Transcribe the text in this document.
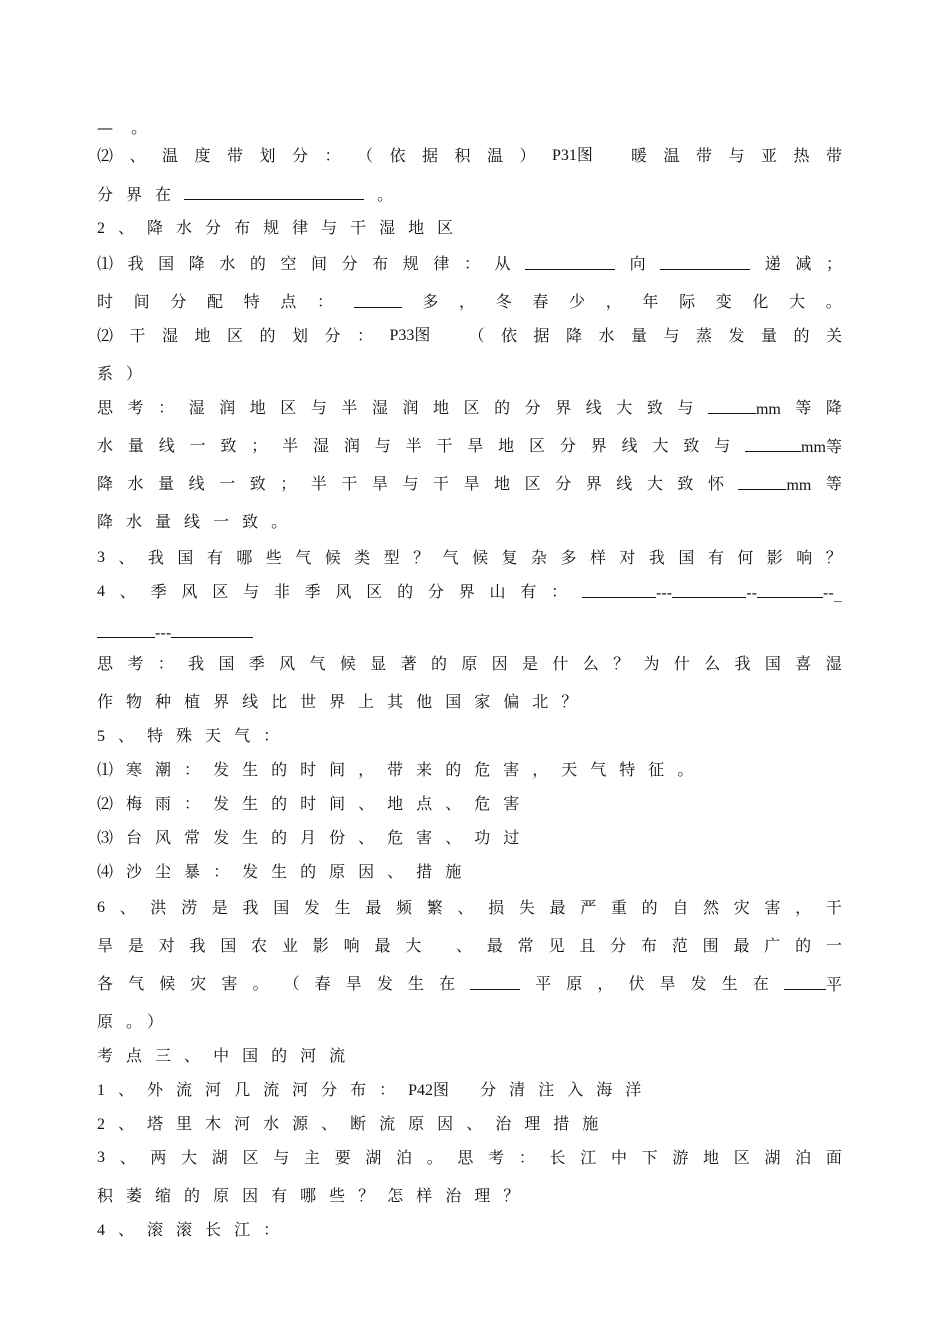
— 。
⑵ 、 温 度 带 划 分 ： （ 依 据 积 温 ） P31图
暖 温 带 与 亚 热 带
分 界 在	。
2 、 降 水 分 布 规 律 与 干 湿 地 区
⑴ 我 国 降 水 的 空 间 分 布 规 律 ： 从	向	递 减 ；
时 间 分 配 特 点 ：	多 ， 冬 春 少 ， 年 际 变 化 大 。
⑵ 干 湿 地 区 的 划 分 ： P33图
（ 依 据 降 水 量 与 蒸 发 量 的 关
系 ）
思 考 ： 湿 润 地 区 与 半 湿 润 地 区 的 分 界 线 大 致 与	mm 等 降
水 量 线 一 致 ； 半 湿 润 与 半 干 旱 地 区 分 界 线 大 致 与	mm等
降 水 量 线 一 致 ； 半 干 旱 与 干 旱 地 区 分 界 线 大 致 怀	mm 等
降 水 量 线 一 致 。
3 、 我 国 有 哪 些 气 候 类 型 ？ 气 候 复 杂 多 样 对 我 国 有 何 影 响 ？
4 、 季 风 区 与 非 季 风 区 的 分 界 山 有 ：	---	--	--_
---
思 考 ： 我 国 季 风 气 候 显 著 的 原 因 是 什 么 ？ 为 什 么 我 国 喜 湿
作 物 种 植 界 线 比 世 界 上 其 他 国 家 偏 北 ？
5 、 特 殊 天 气 ：
⑴ 寒 潮 ： 发 生 的 时 间 ， 带 来 的 危 害 ， 天 气 特 征 。
⑵ 梅 雨 ： 发 生 的 时 间 、 地 点 、 危 害
⑶ 台 风 常 发 生 的 月 份 、 危 害 、 功 过
⑷ 沙 尘 暴 ： 发 生 的 原 因 、 措 施
6 、 洪 涝 是 我 国 发 生 最 频 繁 、 损 失 最 严 重 的 自 然 灾 害 ， 干
旱 是 对 我 国 农 业 影 响 最 大
、 最 常 见 且 分 布 范 围 最 广 的 一
各 气 候 灾 害 。 （ 春 旱 发 生 在	平 原 ， 伏 旱 发 生 在	平
原 。 ）
考 点 三 、 中 国 的 河 流
1 、 外 流 河 几 流 河 分 布 ： P42图 分 清 注 入 海 洋
2 、 塔 里 木 河 水 源 、 断 流 原 因 、 治 理 措 施
3 、 两 大 湖 区 与 主 要 湖 泊 。 思 考 ： 长 江 中 下 游 地 区 湖 泊 面
积 萎 缩 的 原 因 有 哪 些 ？ 怎 样 治 理 ？
4 、 滚 滚 长 江 ：
